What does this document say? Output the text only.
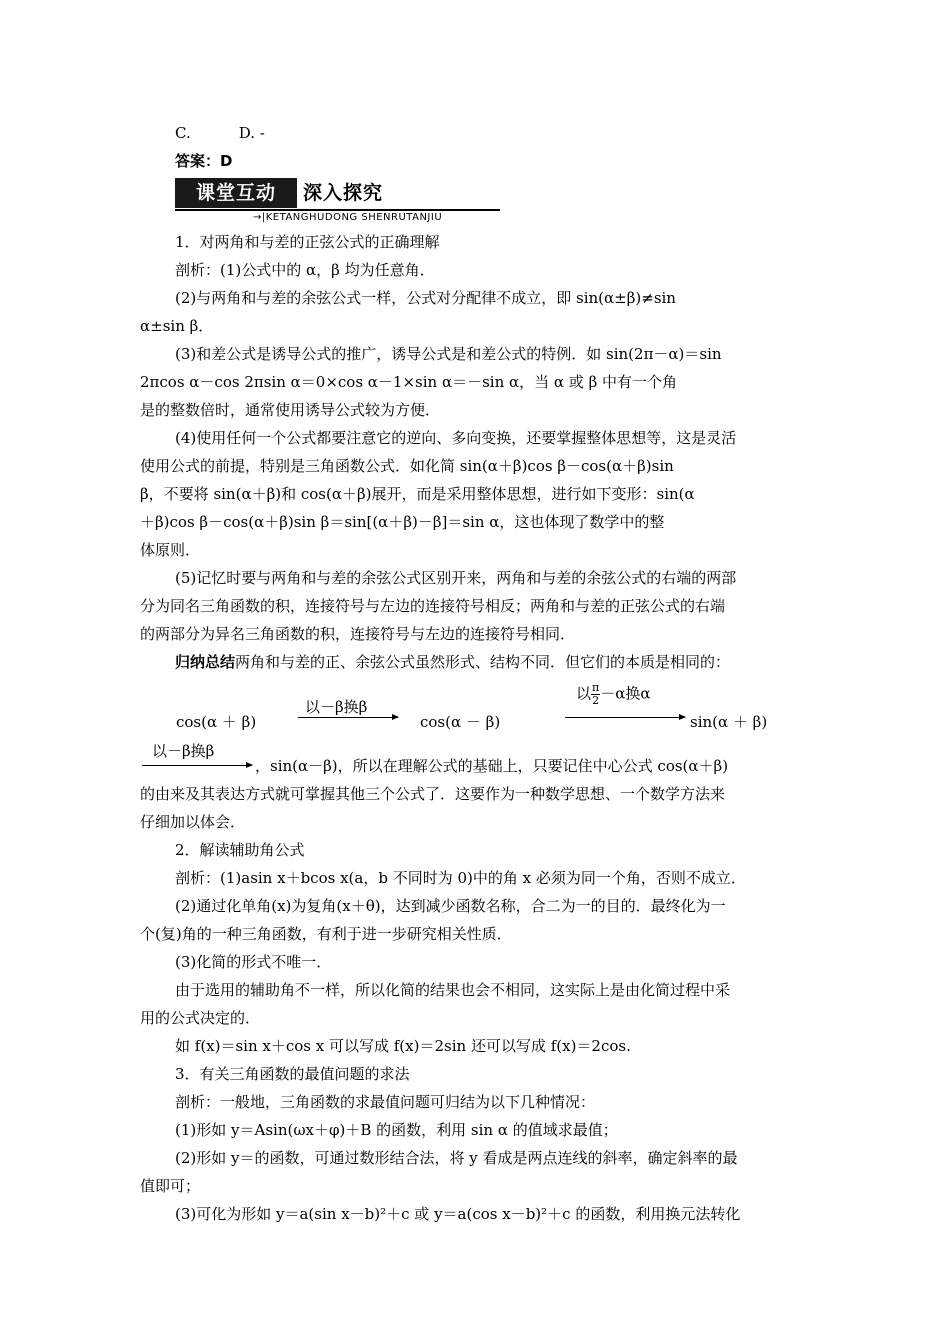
C.	D. -
答案：D
课堂互动	深入探究
→|KETANGHUDONG SHENRUTANJIU
1．对两角和与差的正弦公式的正确理解
剖析：(1)公式中的 α，β 均为任意角．
(2)与两角和与差的余弦公式一样，公式对分配律不成立，即 sin(α±β)≠sin
α±sin β．
(3)和差公式是诱导公式的推广，诱导公式是和差公式的特例．如 sin(2π－α)＝sin
2πcos α－cos 2πsin α＝0×cos α－1×sin α＝－sin α，当 α 或 β 中有一个角
是的整数倍时，通常使用诱导公式较为方便．
(4)使用任何一个公式都要注意它的逆向、多向变换，还要掌握整体思想等，这是灵活
使用公式的前提，特别是三角函数公式．如化简 sin(α＋β)cos β－cos(α＋β)sin
β，不要将 sin(α＋β)和 cos(α＋β)展开，而是采用整体思想，进行如下变形：sin(α
＋β)cos β－cos(α＋β)sin β＝sin[(α＋β)－β]＝sin α，这也体现了数学中的整
体原则．
(5)记忆时要与两角和与差的余弦公式区别开来，两角和与差的余弦公式的右端的两部
分为同名三角函数的积，连接符号与左边的连接符号相反；两角和与差的正弦公式的右端
的两部分为异名三角函数的积，连接符号与左边的连接符号相同．
归纳总结两角和与差的正、余弦公式虽然形式、结构不同．但它们的本质是相同的：
cos(α ＋ β)
以－β换β
cos(α － β)
以 $\frac{\pi}{2} -\alpha$换α
sin(α ＋ β)
以－β换β
，sin(α－β)，所以在理解公式的基础上，只要记住中心公式 cos(α＋β)
的由来及其表达方式就可掌握其他三个公式了．这要作为一种数学思想、一个数学方法来
仔细加以体会．
2．解读辅助角公式
剖析：(1)asin x＋bcos x(a，b 不同时为 0)中的角 x 必须为同一个角，否则不成立．
(2)通过化单角(x)为复角(x＋θ)，达到减少函数名称，合二为一的目的．最终化为一
个(复)角的一种三角函数，有利于进一步研究相关性质．
(3)化简的形式不唯一．
由于选用的辅助角不一样，所以化简的结果也会不相同，这实际上是由化简过程中采
用的公式决定的．
如 f(x)＝sin x＋cos x 可以写成 f(x)＝2sin 还可以写成 f(x)＝2cos.
3．有关三角函数的最值问题的求法
剖析：一般地，三角函数的求最值问题可归结为以下几种情况：
(1)形如 y＝Asin(ωx＋φ)＋B 的函数，利用 sin α 的值域求最值；
(2)形如 y＝的函数，可通过数形结合法，将 y 看成是两点连线的斜率，确定斜率的最
值即可；
(3)可化为形如 y＝a(sin x－b)²＋c 或 y＝a(cos x－b)²＋c 的函数，利用换元法转化
